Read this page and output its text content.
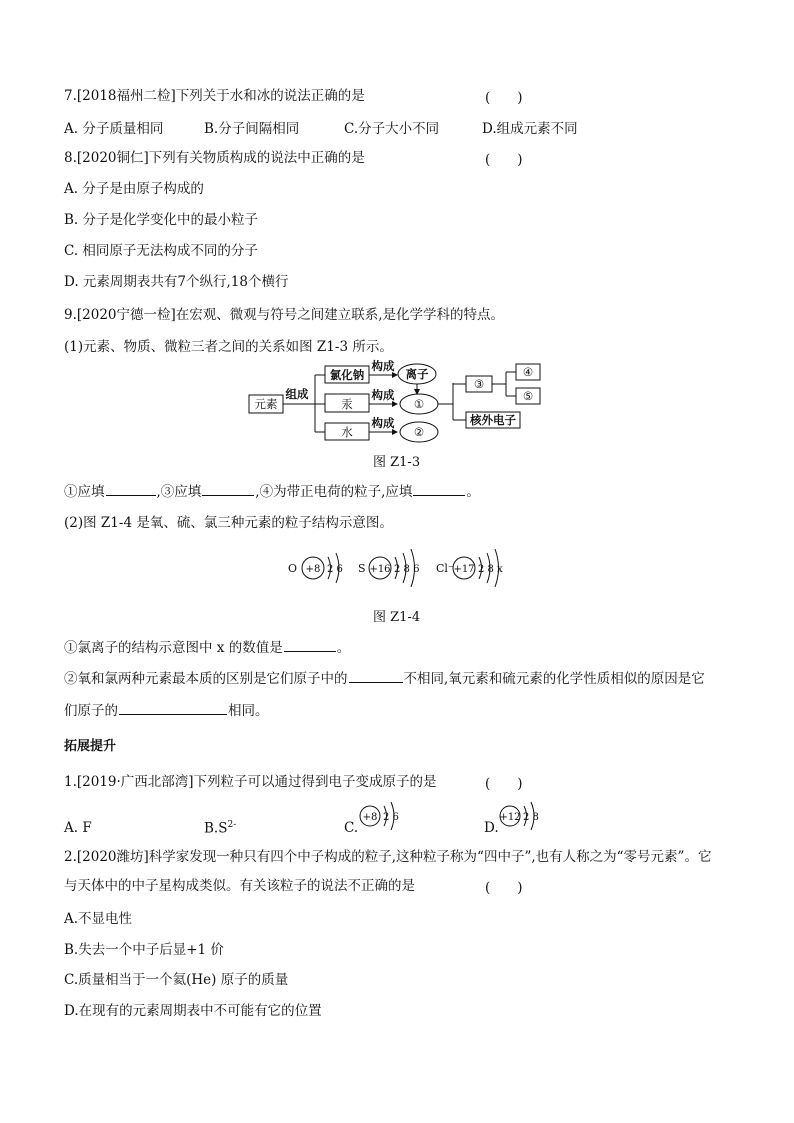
7.[2018福州二检]下列关于水和冰的说法正确的是	(　　)
A. 分子质量相同	B.分子间隔相同	C.分子大小不同	D.组成元素不同
8.[2020铜仁]下列有关物质构成的说法中正确的是	(　　)
A. 分子是由原子构成的
B. 分子是化学变化中的最小粒子
C. 相同原子无法构成不同的分子
D. 元素周期表共有7个纵行,18个横行
9.[2020宁德一检]在宏观、微观与符号之间建立联系,是化学学科的特点。
(1)元素、物质、微粒三者之间的关系如图 Z1-3 所示。
元素
组成
氯化钠
汞
水
构成
构成
构成
离子
①
②
③
④
⑤
核外电子
图 Z1-3
①应填	,③应填	,④为带正电荷的粒子,应填	。
(2)图 Z1-4 是氧、硫、氯三种元素的粒子结构示意图。
O +8 2 6 S +16 2 8 6 Cl⁻ +17 2 8 x
图 Z1-4
①氯离子的结构示意图中 x 的数值是	。
②氧和氯两种元素最本质的区别是它们原子中的	不相同,氧元素和硫元素的化学性质相似的原因是它
们原子的	相同。
拓展提升
1.[2019·广西北部湾]下列粒子可以通过得到电子变成原子的是	(　　)
A. F	$B.S^{2-}$	C.	D.
+8 2 6	+12 2 8
2.[2020潍坊]科学家发现一种只有四个中子构成的粒子,这种粒子称为“四中子”,也有人称之为“零号元素”。它
与天体中的中子星构成类似。有关该粒子的说法不正确的是	(　　)
A.不显电性
B.失去一个中子后显+1 价
C.质量相当于一个氦(He) 原子的质量
D.在现有的元素周期表中不可能有它的位置
